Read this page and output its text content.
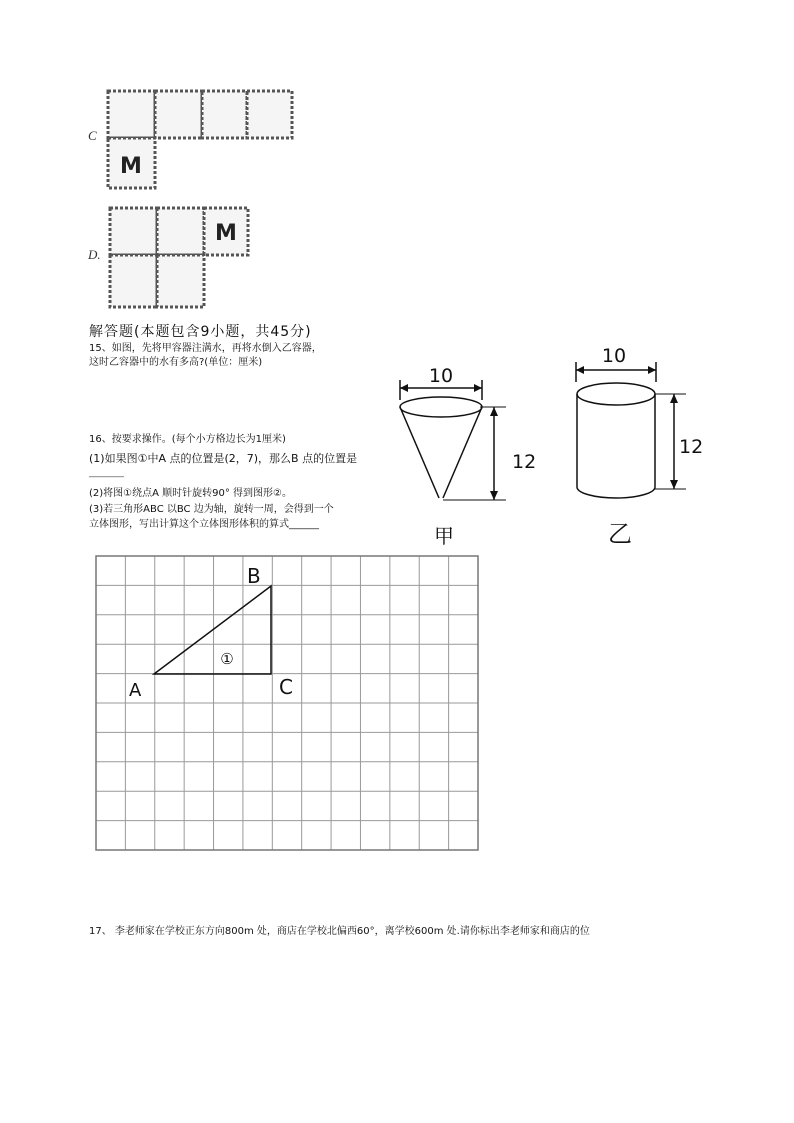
C
M
D.
M
解答题(本题包含9小题，共45分)
15、如图，先将甲容器注满水，再将水倒入乙容器，
这时乙容器中的水有多高?(单位：厘米)
10
12
甲
10
12
乙
16、按要求操作。(每个小方格边长为1厘米)
(1)如果图①中A 点的位置是(2，7)，那么B 点的位置是
_______
(2)将图①绕点A 顺时针旋转90° 得到图形②。
(3)若三角形ABC 以BC 边为轴，旋转一周，会得到一个
立体图形，写出计算这个立体图形体积的算式______
B
A	C
①
17、 李老师家在学校正东方向800m 处，商店在学校北偏西60°，离学校600m 处.请你标出李老师家和商店的位
